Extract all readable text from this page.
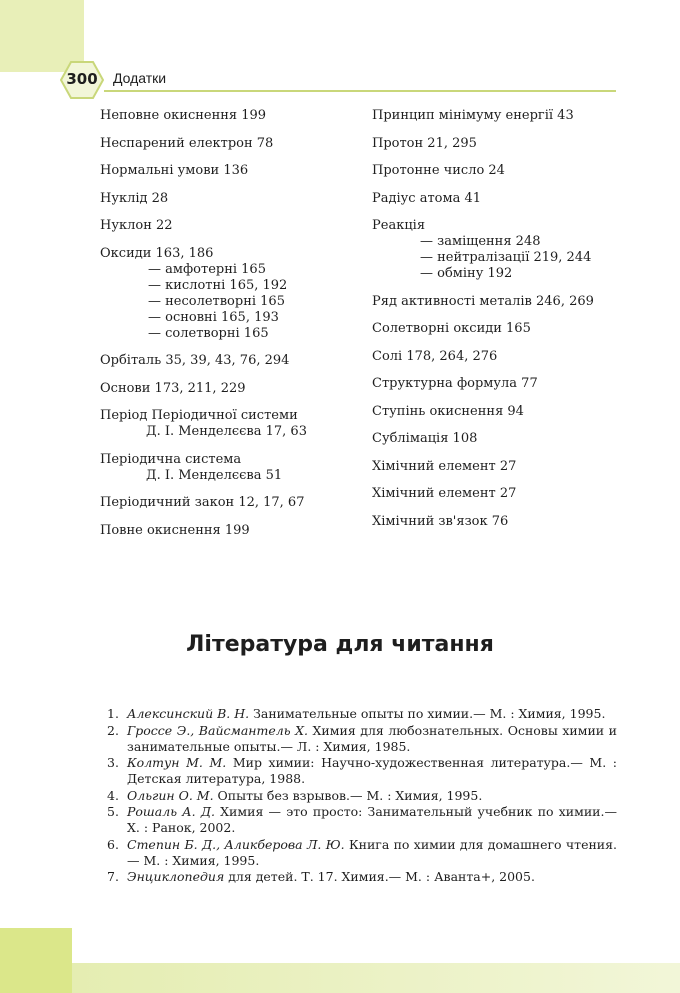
300	Додатки
Неповне окиснення 199
Неспарений електрон 78
Нормальні умови 136
Нуклід 28
Нуклон 22
Оксиди 163, 186
— амфотерні 165
— кислотні 165, 192
— несолетворні 165
— основні 165, 193
— солетворні 165
Орбіталь 35, 39, 43, 76, 294
Основи 173, 211, 229
Період Періодичної системи
Д. І. Менделєєва 17, 63
Періодична система
Д. І. Менделєєва 51
Періодичний закон 12, 17, 67
Повне окиснення 199
Принцип мінімуму енергії 43
Протон 21, 295
Протонне число 24
Радіус атома 41
Реакція
— заміщення 248
— нейтралізації 219, 244
— обміну 192
Ряд активності металів 246, 269
Солетворні оксиди 165
Солі 178, 264, 276
Структурна формула 77
Ступінь окиснення 94
Сублімація 108
Хімічний елемент 27
Хімічний елемент 27
Хімічний зв'язок 76
Література для читання
1. Алексинский В. Н. Занимательные опыты по химии.— М. : Химия, 1995.
2. Гроссе Э., Вайсмантель Х. Химия для любознательных. Основы химии и занимательные опыты.— Л. : Химия, 1985.
3. Колтун М. М. Мир химии: Научно-художественная литература.— М. : Детская литература, 1988.
4. Ольгин О. М. Опыты без взрывов.— М. : Химия, 1995.
5. Рошаль А. Д. Химия — это просто: Занимательный учебник по химии.— Х. : Ранок, 2002.
6. Степин Б. Д., Аликберова Л. Ю. Книга по химии для домашнего чтения.— М. : Химия, 1995.
7. Энциклопедия для детей. Т. 17. Химия.— М. : Аванта+, 2005.
